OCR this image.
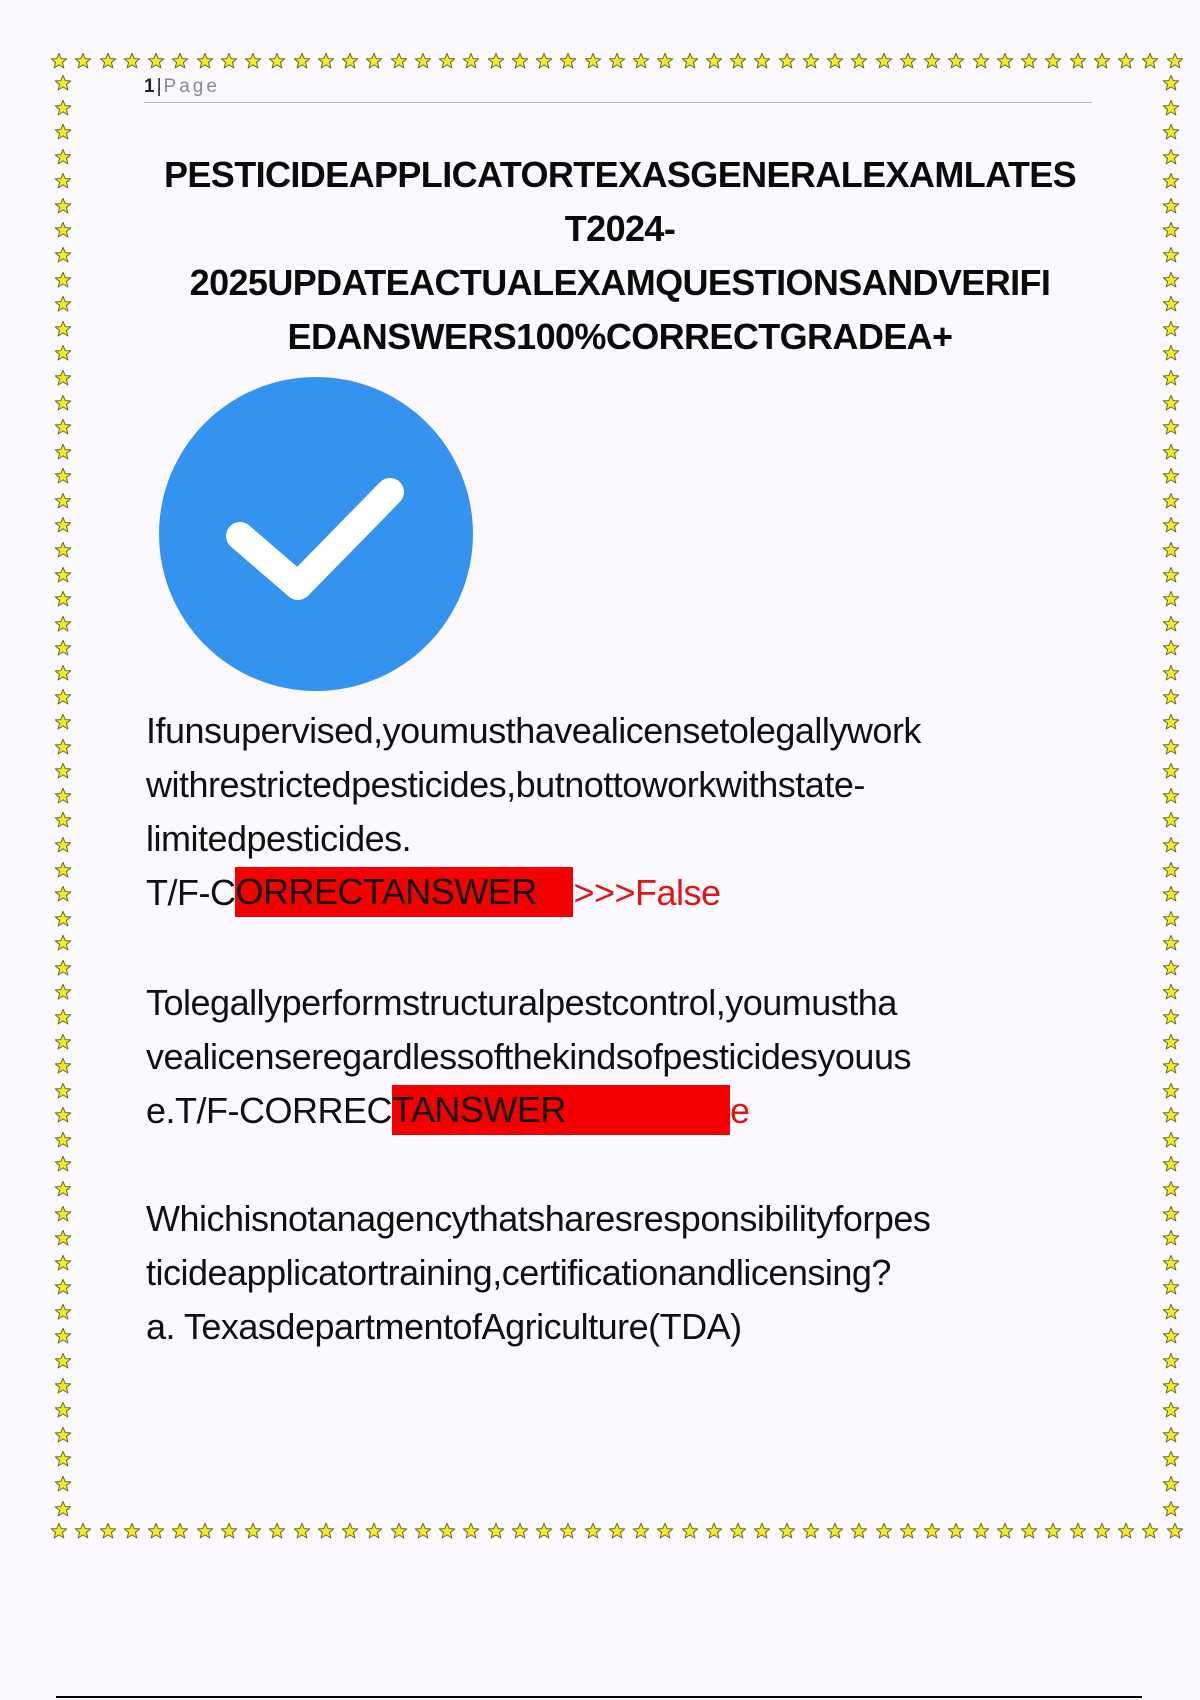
1 | Page
PESTICIDEAPPLICATORTEXASGENERALEXAMLATES
T2024-
2025UPDATEACTUALEXAMQUESTIONSANDVERIFI
EDANSWERS100%CORRECTGRADEA+
Ifunsupervised,youmusthavealicensetolegallywork
withrestrictedpesticides,butnottoworkwithstate-
limitedpesticides.
T/F-CORRECTANSWER >>>False
Tolegallyperformstructuralpestcontrol,youmustha
vealicenseregardlessofthekindsofpesticidesyouus
e.T/F-CORRECTANSWER	e
Whichisnotanagencythatsharesresponsibilityforpes
ticideapplicatortraining,certificationandlicensing?
a. TexasdepartmentofAgriculture(TDA)
